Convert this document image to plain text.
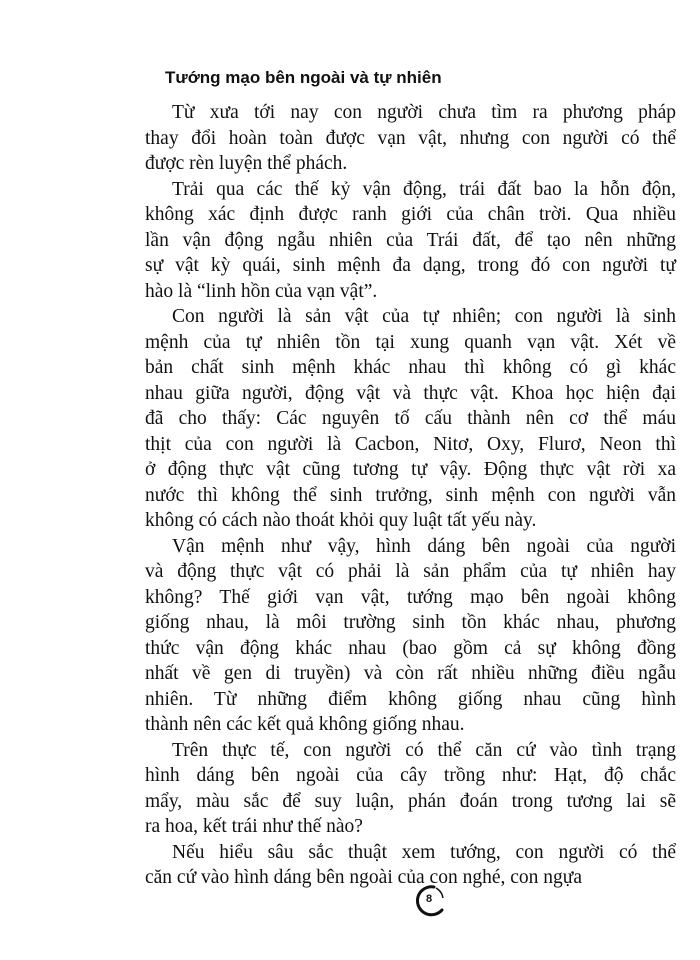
Tướng mạo bên ngoài và tự nhiên
Từ xưa tới nay con người chưa tìm ra phương pháp
thay đổi hoàn toàn được vạn vật, nhưng con người có thể
được rèn luyện thể phách.
Trải qua các thế kỷ vận động, trái đất bao la hỗn độn,
không xác định được ranh giới của chân trời. Qua nhiều
lần vận động ngẫu nhiên của Trái đất, để tạo nên những
sự vật kỳ quái, sinh mệnh đa dạng, trong đó con người tự
hào là “linh hồn của vạn vật”.
Con người là sản vật của tự nhiên; con người là sinh
mệnh của tự nhiên tồn tại xung quanh vạn vật. Xét về
bản chất sinh mệnh khác nhau thì không có gì khác
nhau giữa người, động vật và thực vật. Khoa học hiện đại
đã cho thấy: Các nguyên tố cấu thành nên cơ thể máu
thịt của con người là Cacbon, Nitơ, Oxy, Flurơ, Neon thì
ở động thực vật cũng tương tự vậy. Động thực vật rời xa
nước thì không thể sinh trưởng, sinh mệnh con người vẫn
không có cách nào thoát khỏi quy luật tất yếu này.
Vận mệnh như vậy, hình dáng bên ngoài của người
và động thực vật có phải là sản phẩm của tự nhiên hay
không? Thế giới vạn vật, tướng mạo bên ngoài không
giống nhau, là môi trường sinh tồn khác nhau, phương
thức vận động khác nhau (bao gồm cả sự không đồng
nhất về gen di truyền) và còn rất nhiều những điều ngẫu
nhiên. Từ những điểm không giống nhau cũng hình
thành nên các kết quả không giống nhau.
Trên thực tế, con người có thể căn cứ vào tình trạng
hình dáng bên ngoài của cây trồng như: Hạt, độ chắc
mẩy, màu sắc để suy luận, phán đoán trong tương lai sẽ
ra hoa, kết trái như thế nào?
Nếu hiểu sâu sắc thuật xem tướng, con người có thể
căn cứ vào hình dáng bên ngoài của con nghé, con ngựa
8
